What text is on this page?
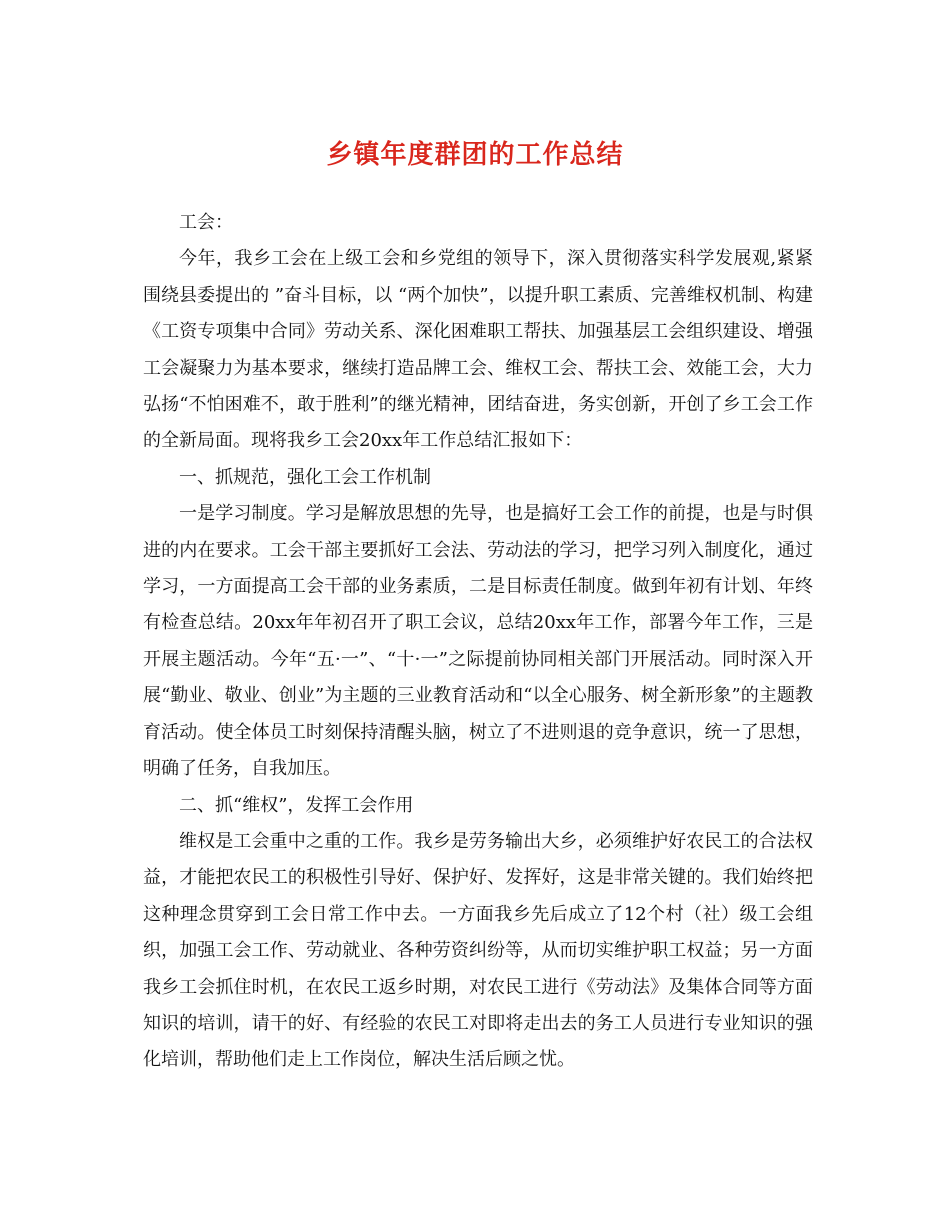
乡镇年度群团的工作总结

工会：

今年，我乡工会在上级工会和乡党组的领导下，深入贯彻落实科学发展观,紧紧围绕县委提出的 ”奋斗目标，以 “两个加快”，以提升职工素质、完善维权机制、构建《工资专项集中合同》劳动关系、深化困难职工帮扶、加强基层工会组织建设、增强工会凝聚力为基本要求，继续打造品牌工会、维权工会、帮扶工会、效能工会，大力弘扬“不怕困难不，敢于胜利”的继光精神，团结奋进，务实创新，开创了乡工会工作的全新局面。现将我乡工会20xx年工作总结汇报如下：

一、抓规范，强化工会工作机制

一是学习制度。学习是解放思想的先导，也是搞好工会工作的前提，也是与时俱进的内在要求。工会干部主要抓好工会法、劳动法的学习，把学习列入制度化，通过学习，一方面提高工会干部的业务素质，二是目标责任制度。做到年初有计划、年终有检查总结。20xx年年初召开了职工会议，总结20xx年工作，部署今年工作，三是开展主题活动。今年“五·一”、“十·一”之际提前协同相关部门开展活动。同时深入开展“勤业、敬业、创业”为主题的三业教育活动和“以全心服务、树全新形象”的主题教育活动。使全体员工时刻保持清醒头脑，树立了不进则退的竞争意识，统一了思想，明确了任务，自我加压。

二、抓“维权”，发挥工会作用

维权是工会重中之重的工作。我乡是劳务输出大乡，必须维护好农民工的合法权益，才能把农民工的积极性引导好、保护好、发挥好，这是非常关键的。我们始终把这种理念贯穿到工会日常工作中去。一方面我乡先后成立了12个村（社）级工会组织，加强工会工作、劳动就业、各种劳资纠纷等，从而切实维护职工权益；另一方面我乡工会抓住时机，在农民工返乡时期，对农民工进行《劳动法》及集体合同等方面知识的培训，请干的好、有经验的农民工对即将走出去的务工人员进行专业知识的强化培训，帮助他们走上工作岗位，解决生活后顾之忧。
